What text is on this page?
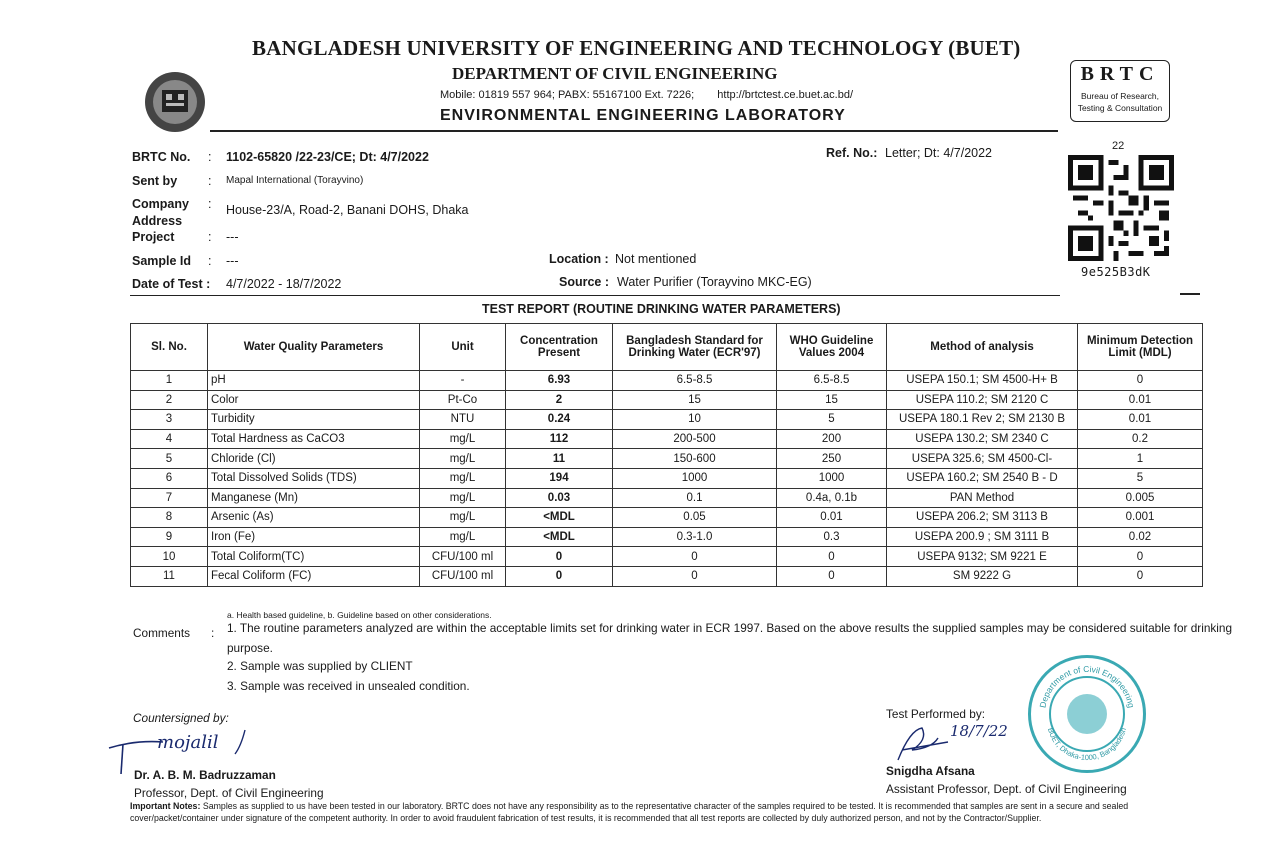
BANGLADESH UNIVERSITY OF ENGINEERING AND TECHNOLOGY (BUET)
DEPARTMENT OF CIVIL ENGINEERING
Mobile: 01819 557 964; PABX: 55167100 Ext. 7226; http://brtctest.ce.buet.ac.bd/
ENVIRONMENTAL ENGINEERING LABORATORY
BRTC
Bureau of Research,
Testing & Consultation
22
9e525B3dK
BRTC No. : 1102-65820 /22-23/CE; Dt: 4/7/2022	Ref. No.: Letter; Dt: 4/7/2022
Sent by : Mapal International (Torayvino)
Company
Address
: House-23/A, Road-2, Banani DOHS, Dhaka
Project	: ---
Sample Id : ---	Location : Not mentioned
Date of Test : 4/7/2022 - 18/7/2022	Source : Water Purifier (Torayvino MKC-EG)
TEST REPORT (ROUTINE DRINKING WATER PARAMETERS)
Sl. No.	Water Quality Parameters	Unit	Concentration Present	Bangladesh Standard for Drinking Water (ECR'97)	WHO Guideline Values 2004	Method of analysis	Minimum Detection Limit (MDL)
1	pH	-	6.93	6.5-8.5	6.5-8.5	USEPA 150.1; SM 4500-H+ B	0
2	Color	Pt-Co	2	15	15	USEPA 110.2; SM 2120 C	0.01
3	Turbidity	NTU	0.24	10	5	USEPA 180.1 Rev 2; SM 2130 B	0.01
4	Total Hardness as CaCO3	mg/L	112	200-500	200	USEPA 130.2; SM 2340 C	0.2
5	Chloride (Cl)	mg/L	11	150-600	250	USEPA 325.6; SM 4500-Cl-	1
6	Total Dissolved Solids (TDS)	mg/L	194	1000	1000	USEPA 160.2; SM 2540 B - D	5
7	Manganese (Mn)	mg/L	0.03	0.1	0.4a, 0.1b	PAN Method	0.005
8	Arsenic (As)	mg/L	<MDL	0.05	0.01	USEPA 206.2; SM 3113 B	0.001
9	Iron (Fe)	mg/L	<MDL	0.3-1.0	0.3	USEPA 200.9 ; SM 3111 B	0.02
10	Total Coliform(TC)	CFU/100 ml	0	0	0	USEPA 9132; SM 9221 E	0
11	Fecal Coliform (FC)	CFU/100 ml	0	0	0	SM 9222 G	0
a. Health based guideline, b. Guideline based on other considerations.
Comments : 1. The routine parameters analyzed are within the acceptable limits set for drinking water in ECR 1997. Based on the above results the supplied samples may be considered suitable for drinking
purpose.
2. Sample was supplied by CLIENT
3. Sample was received in unsealed condition.
Countersigned by:
mojalil
Dr. A. B. M. Badruzzaman
Professor, Dept. of Civil Engineering
Test Performed by:
18/7/22
Snigdha Afsana
Assistant Professor, Dept. of Civil Engineering
Department of Civil Engineering
BUET, Dhaka-1000, Bangladesh
Important Notes: Samples as supplied to us have been tested in our laboratory. BRTC does not have any responsibility as to the representative character of the samples required to be tested. It is recommended that samples are sent in a secure and sealed cover/packet/container under signature of the competent authority. In order to avoid fraudulent fabrication of test results, it is recommended that all test reports are collected by duly authorized person, and not by the Contractor/Supplier.
